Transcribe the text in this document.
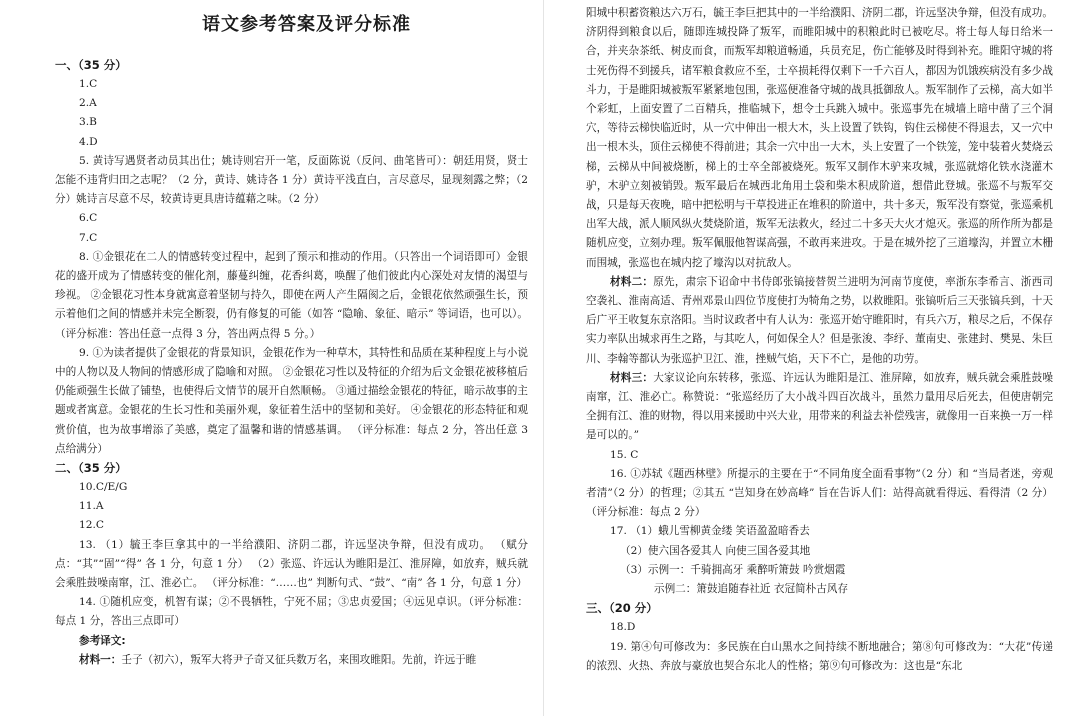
语文参考答案及评分标准

一、（35 分）

1.C

2.A

3.B

4.D

5. 黄诗写遇贤者动员其出仕；姚诗则宕开一笔，反面陈说（反问、曲笔皆可）：朝廷用贤，贤士怎能不违背归田之志呢？（2 分，黄诗、姚诗各 1 分）黄诗平浅直白，言尽意尽，显现刻露之弊；（2 分）姚诗言尽意不尽，较黄诗更具唐诗蕴藉之味。（2 分）

6.C

7.C

8. ①金银花在二人的情感转变过程中，起到了预示和推动的作用。（只答出一个词语即可）金银花的盛开成为了情感转变的催化剂，藤蔓纠缠，花香纠葛，唤醒了他们彼此内心深处对友情的渴望与珍视。 ②金银花习性本身就寓意着坚韧与持久，即使在两人产生隔阂之后，金银花依然顽强生长，预示着他们之间的情感并未完全断裂，仍有修复的可能（如答 “隐喻、象征、暗示” 等词语，也可以）。（评分标准：答出任意一点得 3 分，答出两点得 5 分。）

9. ①为读者提供了金银花的背景知识，金银花作为一种草木，其特性和品质在某种程度上与小说中的人物以及人物间的情感形成了隐喻和对照。 ②金银花习性以及特征的介绍为后文金银花被移植后仍能顽强生长做了铺垫，也使得后文情节的展开自然顺畅。 ③通过描绘金银花的特征，暗示故事的主题或者寓意。金银花的生长习性和美丽外观，象征着生活中的坚韧和美好。 ④金银花的形态特征和观赏价值，也为故事增添了美感，奠定了温馨和谐的情感基调。 （评分标准：每点 2 分，答出任意 3 点给满分）

二、（35 分）

10.C/E/G

11.A

12.C

13. （1）毓王李巨拿其中的一半给濮阳、济阴二郡，许远坚决争辩，但没有成功。 （赋分点：“其”“固”“得” 各 1 分，句意 1 分） （2）张巡、许远认为睢阳是江、淮屏障，如放弃，贼兵就会乘胜鼓噪南窜，江、淮必亡。 （评分标准：“……也” 判断句式、“鼓”、“南” 各 1 分，句意 1 分）

14. ①随机应变，机智有谋；②不畏牺牲，宁死不屈；③忠贞爱国；④远见卓识。（评分标准：每点 1 分，答出三点即可）

参考译文:

材料一：壬子（初六），叛军大将尹子奇又征兵数万名，来围攻睢阳。先前，许远于睢

阳城中积蓄资粮达六万石，毓王李巨把其中的一半给濮阳、济阴二郡，许远坚决争辩，但没有成功。济阴得到粮食以后，随即连城投降了叛军，而睢阳城中的积粮此时已被吃尽。将士每人每日给米一合，并夹杂茶纸、树皮而食，而叛军却粮道畅通，兵员充足，伤亡能够及时得到补充。睢阳守城的将士死伤得不到援兵，诸军粮食救应不至，士卒损耗得仅剩下一千六百人，都因为饥饿疾病没有多少战斗力，于是睢阳城被叛军紧紧地包围，张巡便准备守城的战具抵御敌人。叛军制作了云梯，高大如半个彩虹，上面安置了二百精兵，推临城下，想令士兵跳入城中。张巡事先在城墙上暗中凿了三个洞穴，等待云梯快临近时，从一穴中伸出一根大木，头上设置了铁钩，钩住云梯使不得退去，又一穴中出一根木头，顶住云梯使不得前进；其余一穴中出一大木，头上安置了一个铁笼，笼中装着火焚烧云梯，云梯从中间被烧断，梯上的士卒全部被烧死。叛军又制作木驴来攻城，张巡就熔化铁水浇灌木驴，木驴立刻被销毁。叛军最后在城西北角用土袋和柴木积成阶道，想借此登城。张巡不与叛军交战，只是每天夜晚，暗中把松明与干草投进正在堆积的阶道中，共十多天，叛军没有察觉，张巡乘机出军大战，派人顺风纵火焚烧阶道，叛军无法救火，经过二十多天大火才熄灭。张巡的所作所为都是随机应变，立刻办理。叛军佩服他智谋高强，不敢再来进攻。于是在城外挖了三道壕沟，并置立木栅而围城，张巡也在城内挖了壕沟以对抗敌人。

材料二：原先，肃宗下诏命中书侍郎张镐接替贺兰进明为河南节度使，率浙东李希言、浙西司空袭礼、淮南高适、青州邓景山四位节度使打为犄角之势，以救睢阳。张镐听后三天张镐兵到，十天后广平王收复东京洛阳。当时议政者中有人认为：张巡开始守睢阳时，有兵六万，粮尽之后，不保存实力率队出城求再生之路，与其吃人，何如保全人？但是张浚、李纾、董南史、张建封、樊晃、朱巨川、李翰等都认为张巡护卫江、淮，挫贼气焰，天下不亡，是他的功劳。

材料三：大家议论向东转移，张巡、许远认为睢阳是江、淮屏障，如放弃，贼兵就会乘胜鼓噪南窜，江、淮必亡。称赞说：“张巡经历了大小战斗四百次战斗，虽然力量用尽后死去，但使唐朝完全拥有江、淮的财物，得以用来援助中兴大业，用带来的利益去补偿残害，就像用一百来换一万一样是可以的。”

15. C

16. ①苏轼《题西林壁》所提示的主要在于“不同角度全面看事物”（2 分）和 “当局者迷，旁观者清”（2 分）的哲理；②其五 “岂知身在妙高峰” 旨在告诉人们：站得高就看得远、看得清（2 分） （评分标准：每点 2 分）

17. （1）蛾儿雪柳黄金缕 笑语盈盈暗香去

（2）使六国各爱其人 向使三国各爱其地

（3）示例一：千骑拥高牙 乘醉听箫鼓 吟赏烟霞

示例二：箫鼓追随春社近 衣冠简朴古风存

三、（20 分）

18.D

19. 第④句可修改为：多民族在白山黑水之间持续不断地融合；第⑧句可修改为：“大花”传递的浓烈、火热、奔放与豪放也契合东北人的性格；第⑨句可修改为：这也是“东北
